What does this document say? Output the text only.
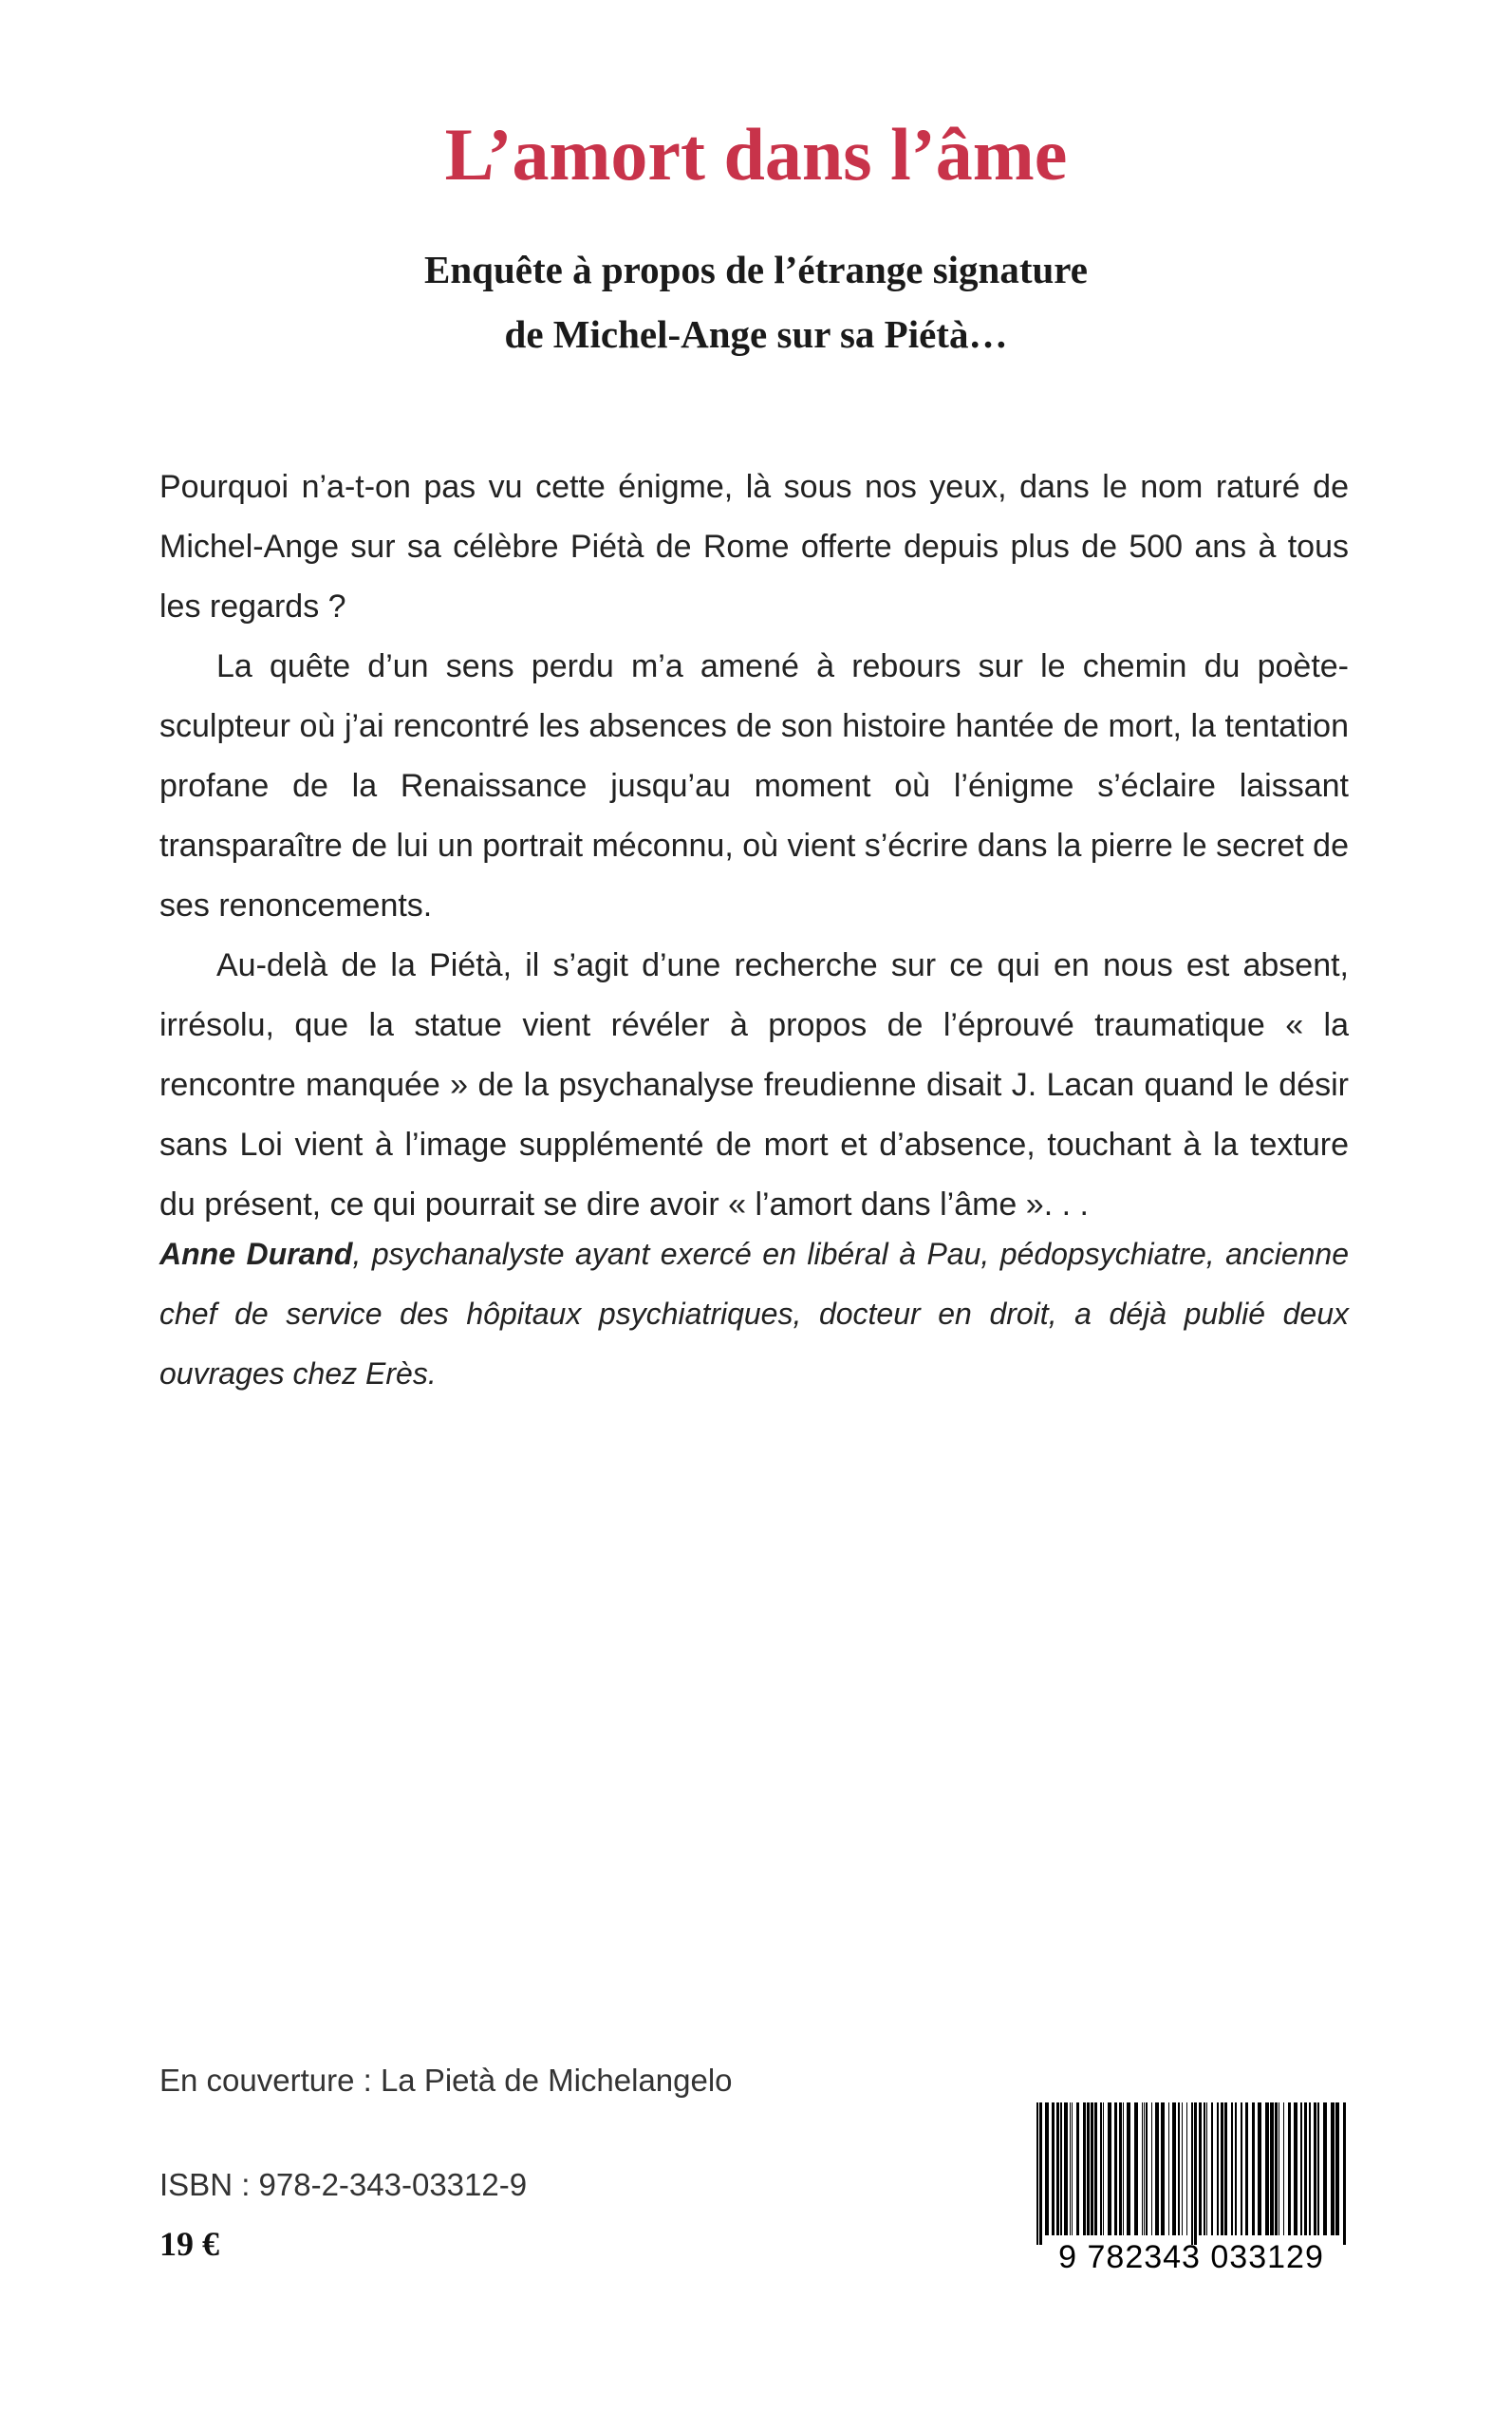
L’amort dans l’âme
Enquête à propos de l’étrange signature
de Michel-Ange sur sa Piétà…

Pourquoi n’a-t-on pas vu cette énigme, là sous nos yeux, dans le nom raturé de Michel-Ange sur sa célèbre Piétà de Rome offerte depuis plus de 500 ans à tous les regards ?

La quête d’un sens perdu m’a amené à rebours sur le chemin du poète-sculpteur où j’ai rencontré les absences de son histoire hantée de mort, la tentation profane de la Renaissance jusqu’au moment où l’énigme s’éclaire laissant transparaître de lui un portrait méconnu, où vient s’écrire dans la pierre le secret de ses renoncements.

Au-delà de la Piétà, il s’agit d’une recherche sur ce qui en nous est absent, irrésolu, que la statue vient révéler à propos de l’éprouvé traumatique « la rencontre manquée » de la psychanalyse freudienne disait J. Lacan quand le désir sans Loi vient à l’image supplémenté de mort et d’absence, touchant à la texture du présent, ce qui pourrait se dire avoir « l’amort dans l’âme ». . .

Anne Durand, psychanalyste ayant exercé en libéral à Pau, pédopsychiatre, ancienne chef de service des hôpitaux psychiatriques, docteur en droit, a déjà publié deux ouvrages chez Erès.

En couverture : La Pietà de Michelangelo

ISBN : 978-2-343-03312-9

19 €	9 782343 033129
